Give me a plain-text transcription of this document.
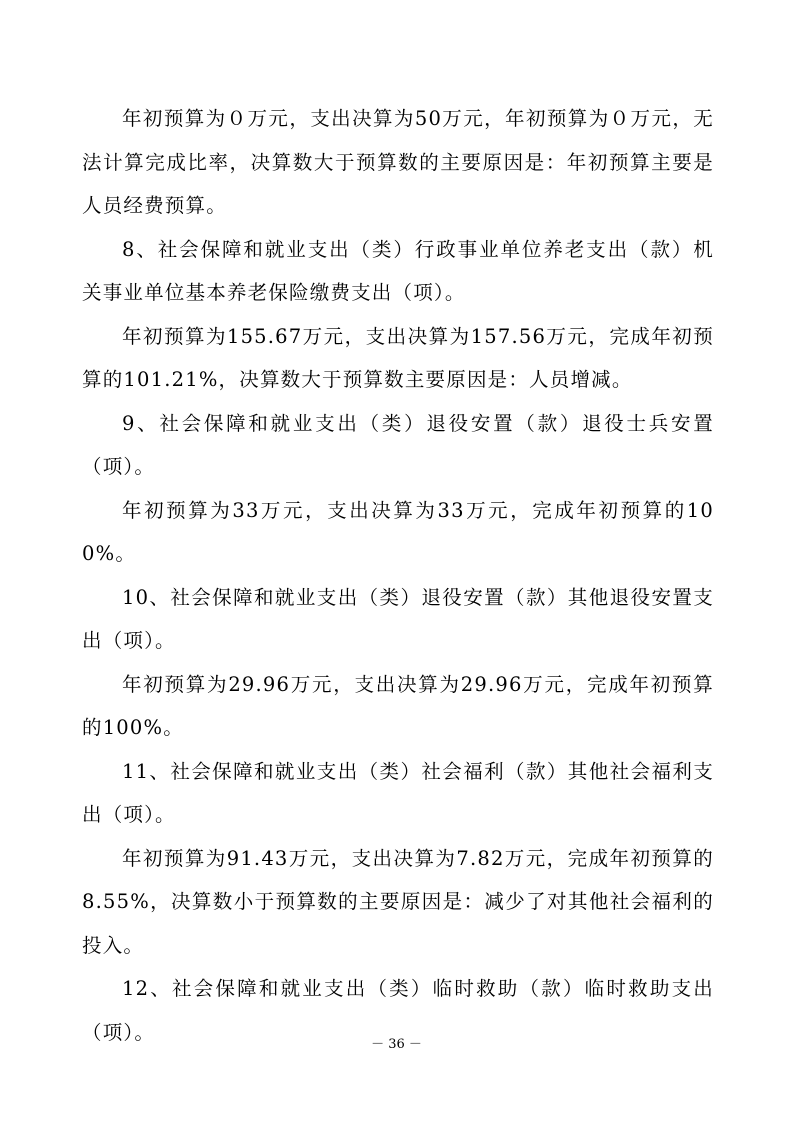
年初预算为０万元，支出决算为50万元，年初预算为０万元，无法计算完成比率，决算数大于预算数的主要原因是：年初预算主要是人员经费预算。

8、社会保障和就业支出（类）行政事业单位养老支出（款）机关事业单位基本养老保险缴费支出（项）。

年初预算为155.67万元，支出决算为157.56万元，完成年初预算的101.21%，决算数大于预算数主要原因是：人员增减。

9、社会保障和就业支出（类）退役安置（款）退役士兵安置（项）。

年初预算为33万元，支出决算为33万元，完成年初预算的100%。

10、社会保障和就业支出（类）退役安置（款）其他退役安置支出（项）。

年初预算为29.96万元，支出决算为29.96万元，完成年初预算的100%。

11、社会保障和就业支出（类）社会福利（款）其他社会福利支出（项）。

年初预算为91.43万元，支出决算为7.82万元，完成年初预算的8.55%，决算数小于预算数的主要原因是：减少了对其他社会福利的投入。

12、社会保障和就业支出（类）临时救助（款）临时救助支出（项）。

－ 36 －
